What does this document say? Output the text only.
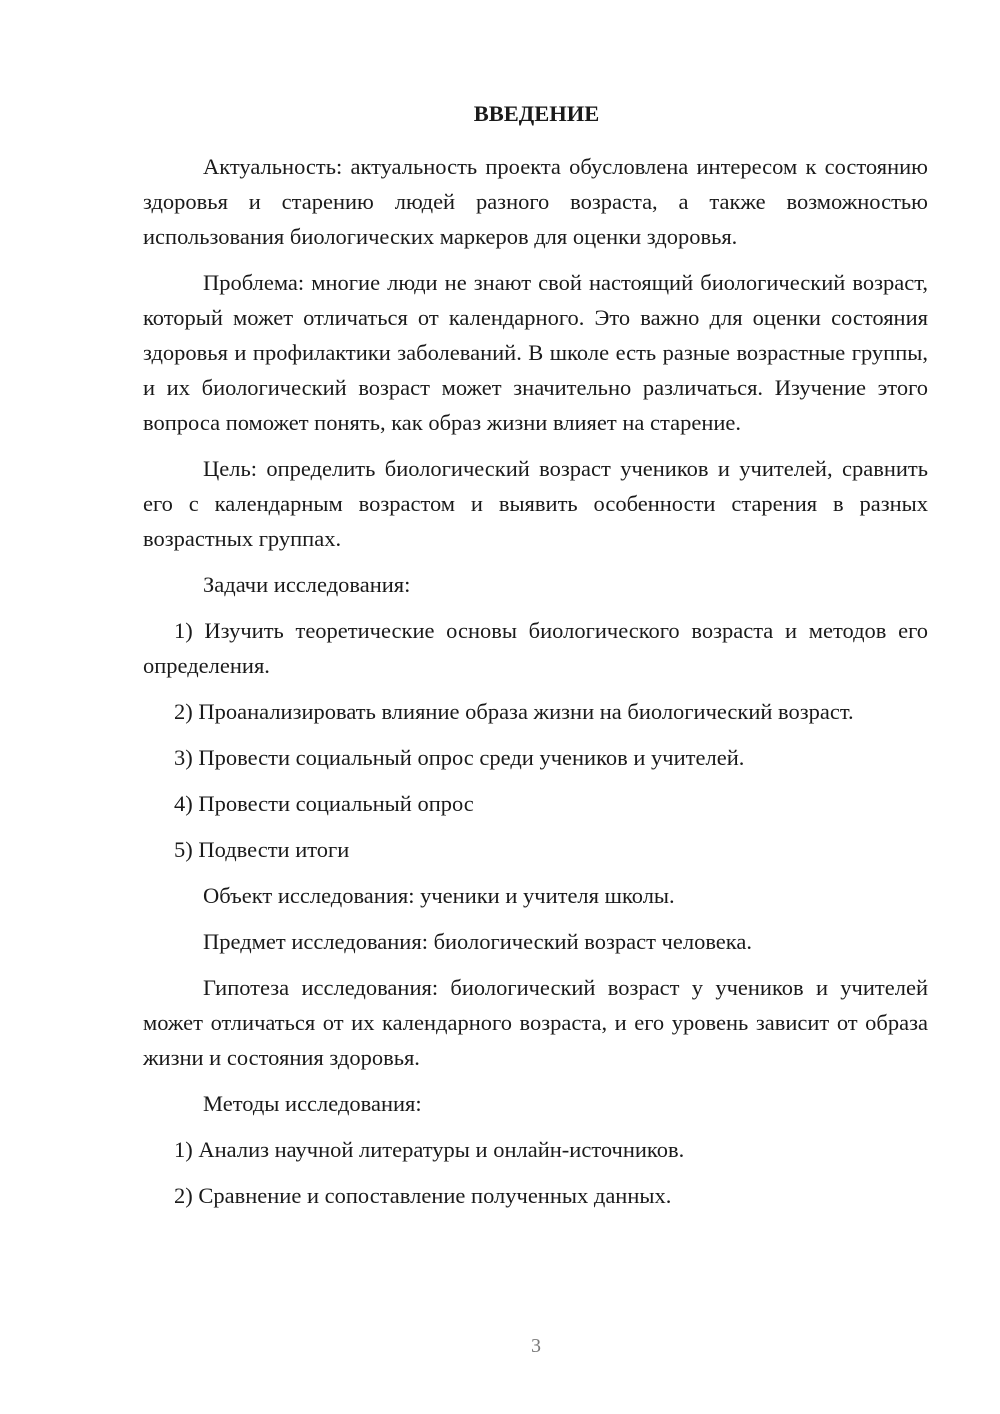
ВВЕДЕНИЕ

Актуальность: актуальность проекта обусловлена интересом к состоянию здоровья и старению людей разного возраста, а также возможностью использования биологических маркеров для оценки здоровья.

Проблема: многие люди не знают свой настоящий биологический возраст, который может отличаться от календарного. Это важно для оценки состояния здоровья и профилактики заболеваний. В школе есть разные возрастные группы, и их биологический возраст может значительно различаться. Изучение этого вопроса поможет понять, как образ жизни влияет на старение.

Цель: определить биологический возраст учеников и учителей, сравнить его с календарным возрастом и выявить особенности старения в разных возрастных группах.

Задачи исследования:

1) Изучить теоретические основы биологического возраста и методов его определения.

2) Проанализировать влияние образа жизни на биологический возраст.

3) Провести социальный опрос среди учеников и учителей.

4) Провести социальный опрос

5) Подвести итоги

Объект исследования: ученики и учителя школы.

Предмет исследования: биологический возраст человека.

Гипотеза исследования: биологический возраст у учеников и учителей может отличаться от их календарного возраста, и его уровень зависит от образа жизни и состояния здоровья.

Методы исследования:

1) Анализ научной литературы и онлайн-источников.

2) Сравнение и сопоставление полученных данных.

3
